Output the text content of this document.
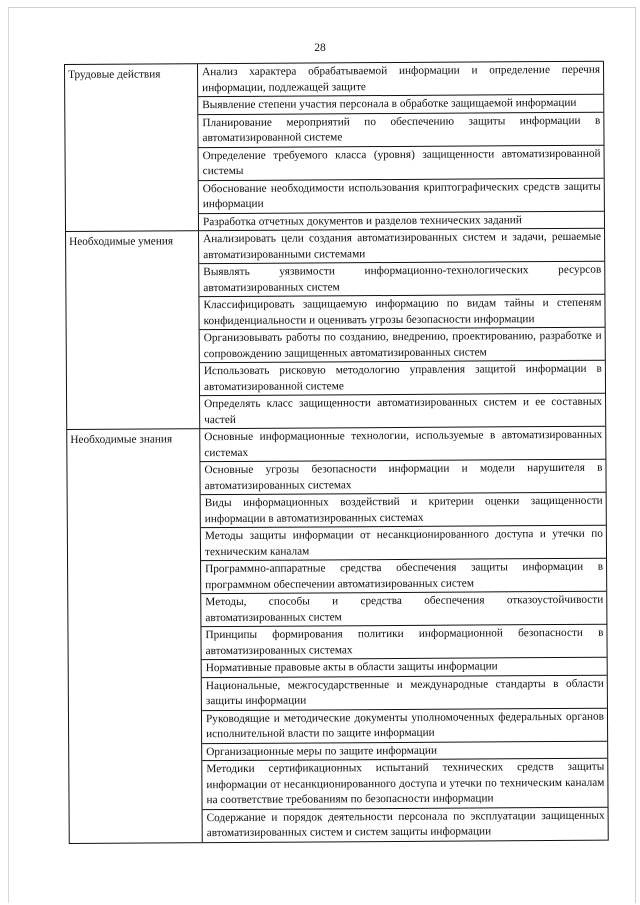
28
Трудовые действия	Анализ характера обрабатываемой информации и определение перечня информации, подлежащей защите
Выявление степени участия персонала в обработке защищаемой информации
Планирование мероприятий по обеспечению защиты информации в автоматизированной системе
Определение требуемого класса (уровня) защищенности автоматизированной системы
Обоснование необходимости использования криптографических средств защиты информации
Разработка отчетных документов и разделов технических заданий
Необходимые умения	Анализировать цели создания автоматизированных систем и задачи, решаемые автоматизированными системами
Выявлять уязвимости информационно-технологических ресурсов автоматизированных систем
Классифицировать защищаемую информацию по видам тайны и степеням конфиденциальности и оценивать угрозы безопасности информации
Организовывать работы по созданию, внедрению, проектированию, разработке и сопровождению защищенных автоматизированных систем
Использовать рисковую методологию управления защитой информации в автоматизированной системе
Определять класс защищенности автоматизированных систем и ее составных частей
Необходимые знания	Основные информационные технологии, используемые в автоматизированных системах
Основные угрозы безопасности информации и модели нарушителя в автоматизированных системах
Виды информационных воздействий и критерии оценки защищенности информации в автоматизированных системах
Методы защиты информации от несанкционированного доступа и утечки по техническим каналам
Программно-аппаратные средства обеспечения защиты информации в программном обеспечении автоматизированных систем
Методы, способы и средства обеспечения отказоустойчивости автоматизированных систем
Принципы формирования политики информационной безопасности в автоматизированных системах
Нормативные правовые акты в области защиты информации
Национальные, межгосударственные и международные стандарты в области защиты информации
Руководящие и методические документы уполномоченных федеральных органов исполнительной власти по защите информации
Организационные меры по защите информации
Методики сертификационных испытаний технических средств защиты информации от несанкционированного доступа и утечки по техническим каналам на соответствие требованиям по безопасности информации
Содержание и порядок деятельности персонала по эксплуатации защищенных автоматизированных систем и систем защиты информации
